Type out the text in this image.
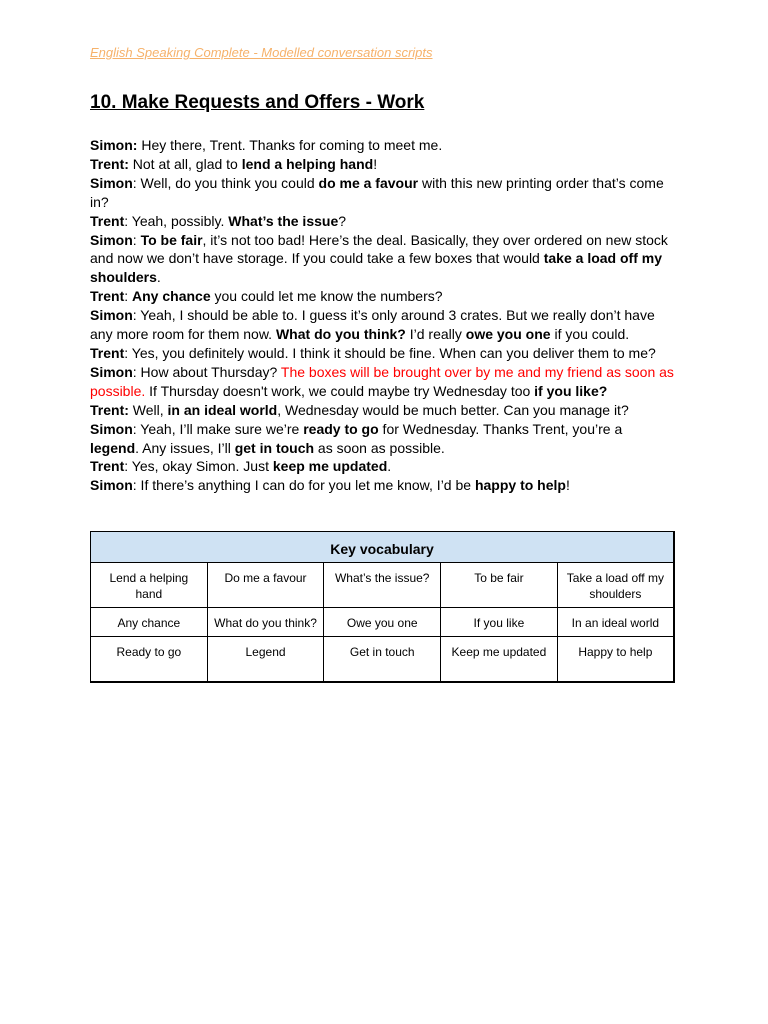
English Speaking Complete - Modelled conversation scripts
10. Make Requests and Offers - Work

Simon: Hey there, Trent. Thanks for coming to meet me.

Trent: Not at all, glad to lend a helping hand!

Simon: Well, do you think you could do me a favour with this new printing order that’s come in?

Trent: Yeah, possibly. What’s the issue?

Simon: To be fair, it’s not too bad! Here’s the deal. Basically, they over ordered on new stock and now we don’t have storage. If you could take a few boxes that would take a load off my shoulders.

Trent: Any chance you could let me know the numbers?

Simon: Yeah, I should be able to. I guess it’s only around 3 crates. But we really don’t have any more room for them now. What do you think? I’d really owe you one if you could.

Trent: Yes, you definitely would. I think it should be fine. When can you deliver them to me?

Simon: How about Thursday? The boxes will be brought over by me and my friend as soon as possible. If Thursday doesn't work, we could maybe try Wednesday too if you like?

Trent: Well, in an ideal world, Wednesday would be much better. Can you manage it?

Simon: Yeah, I’ll make sure we’re ready to go for Wednesday. Thanks Trent, you’re a legend. Any issues, I’ll get in touch as soon as possible.

Trent: Yes, okay Simon. Just keep me updated.

Simon: If there’s anything I can do for you let me know, I’d be happy to help!

Key vocabulary				
Lend a helping hand	Do me a favour	What’s the issue?	To be fair	Take a load off my shoulders
Any chance	What do you think?	Owe you one	If you like	In an ideal world
Ready to go	Legend	Get in touch	Keep me updated	Happy to help
